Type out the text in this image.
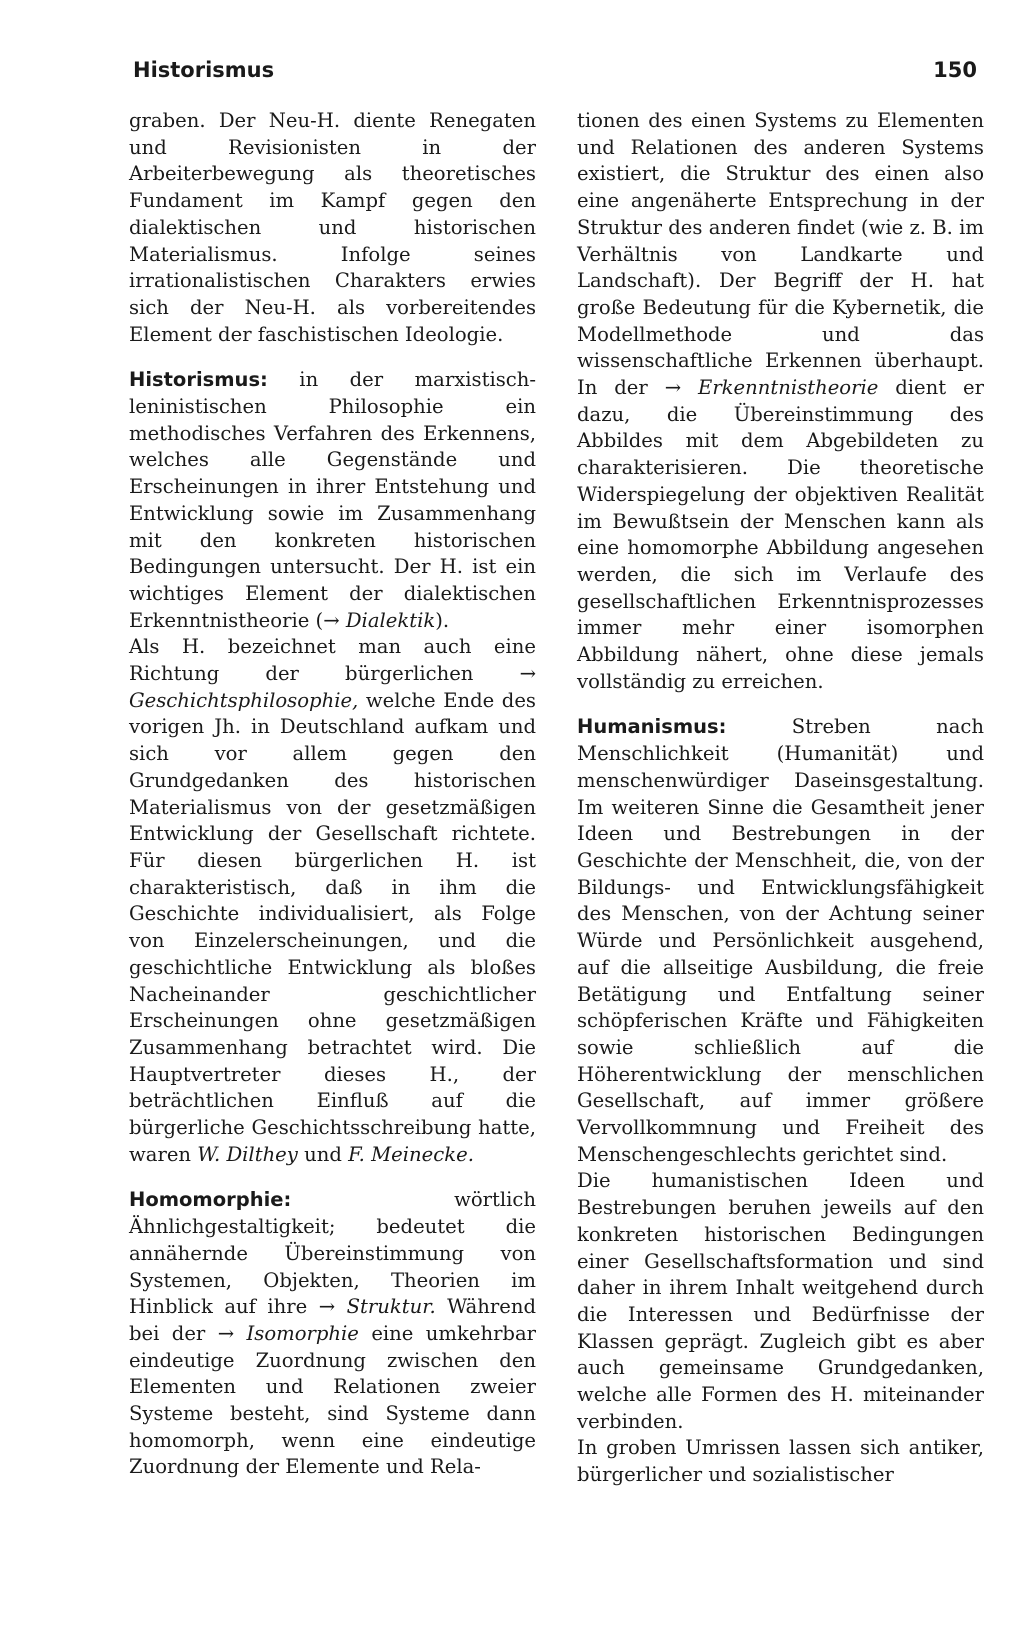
Historismus	150

graben. Der Neu-H. diente Renegaten und Revisionisten in der Arbeiterbewegung als theoretisches Fundament im Kampf gegen den dialektischen und historischen Materialismus. Infolge seines irrationalistischen Charakters erwies sich der Neu-H. als vorbereitendes Element der faschistischen Ideologie.

Historismus: in der marxistisch-leninistischen Philosophie ein methodisches Verfahren des Erkennens, welches alle Gegenstände und Erscheinungen in ihrer Entstehung und Entwicklung sowie im Zusammenhang mit den konkreten historischen Bedingungen untersucht. Der H. ist ein wichtiges Element der dialektischen Erkenntnistheorie (→ Dialektik).

Als H. bezeichnet man auch eine Richtung der bürgerlichen → Geschichtsphilosophie, welche Ende des vorigen Jh. in Deutschland aufkam und sich vor allem gegen den Grundgedanken des historischen Materialismus von der gesetzmäßigen Entwicklung der Gesellschaft richtete. Für diesen bürgerlichen H. ist charakteristisch, daß in ihm die Geschichte individualisiert, als Folge von Einzelerscheinungen, und die geschichtliche Entwicklung als bloßes Nacheinander geschichtlicher Erscheinungen ohne gesetzmäßigen Zusammenhang betrachtet wird. Die Hauptvertreter dieses H., der beträchtlichen Einfluß auf die bürgerliche Geschichtsschreibung hatte, waren W. Dilthey und F. Meinecke.

Homomorphie:	wörtlich Ähnlichgestaltigkeit; bedeutet die annähernde Übereinstimmung von Systemen, Objekten, Theorien im Hinblick auf ihre → Struktur. Während bei der → Isomorphie eine umkehrbar eindeutige Zuordnung zwischen den Elementen und Relationen zweier Systeme besteht, sind Systeme dann homomorph, wenn eine eindeutige Zuordnung der Elemente und Rela-

tionen des einen Systems zu Elementen und Relationen des anderen Systems existiert, die Struktur des einen also eine angenäherte Entsprechung in der Struktur des anderen findet (wie z. B. im Verhältnis von Landkarte und Landschaft). Der Begriff der H. hat große Bedeutung für die Kybernetik, die Modellmethode und das wissenschaftliche Erkennen überhaupt. In der → Erkenntnistheorie dient er dazu, die Übereinstimmung des Abbildes mit dem Abgebildeten zu charakterisieren. Die theoretische Widerspiegelung der objektiven Realität im Bewußtsein der Menschen kann als eine homomorphe Abbildung angesehen werden, die sich im Verlaufe des gesellschaftlichen Erkenntnisprozesses immer mehr einer isomorphen Abbildung nähert, ohne diese jemals vollständig zu erreichen.

Humanismus:	Streben nach Menschlichkeit (Humanität) und menschenwürdiger Daseinsgestaltung. Im weiteren Sinne die Gesamtheit jener Ideen und Bestrebungen in der Geschichte der Menschheit, die, von der Bildungs- und Entwicklungsfähigkeit des Menschen, von der Achtung seiner Würde und Persönlichkeit ausgehend, auf die allseitige Ausbildung, die freie Betätigung und Entfaltung seiner schöpferischen Kräfte und Fähigkeiten sowie schließlich auf die Höherentwicklung der menschlichen Gesellschaft, auf immer größere Vervollkommnung und Freiheit des Menschengeschlechts gerichtet sind.

Die humanistischen Ideen und Bestrebungen beruhen jeweils auf den konkreten historischen Bedingungen einer Gesellschaftsformation und sind daher in ihrem Inhalt weitgehend durch die Interessen und Bedürfnisse der Klassen geprägt. Zugleich gibt es aber auch gemeinsame Grundgedanken, welche alle Formen des H. miteinander verbinden.

In groben Umrissen lassen sich antiker, bürgerlicher und sozialistischer
